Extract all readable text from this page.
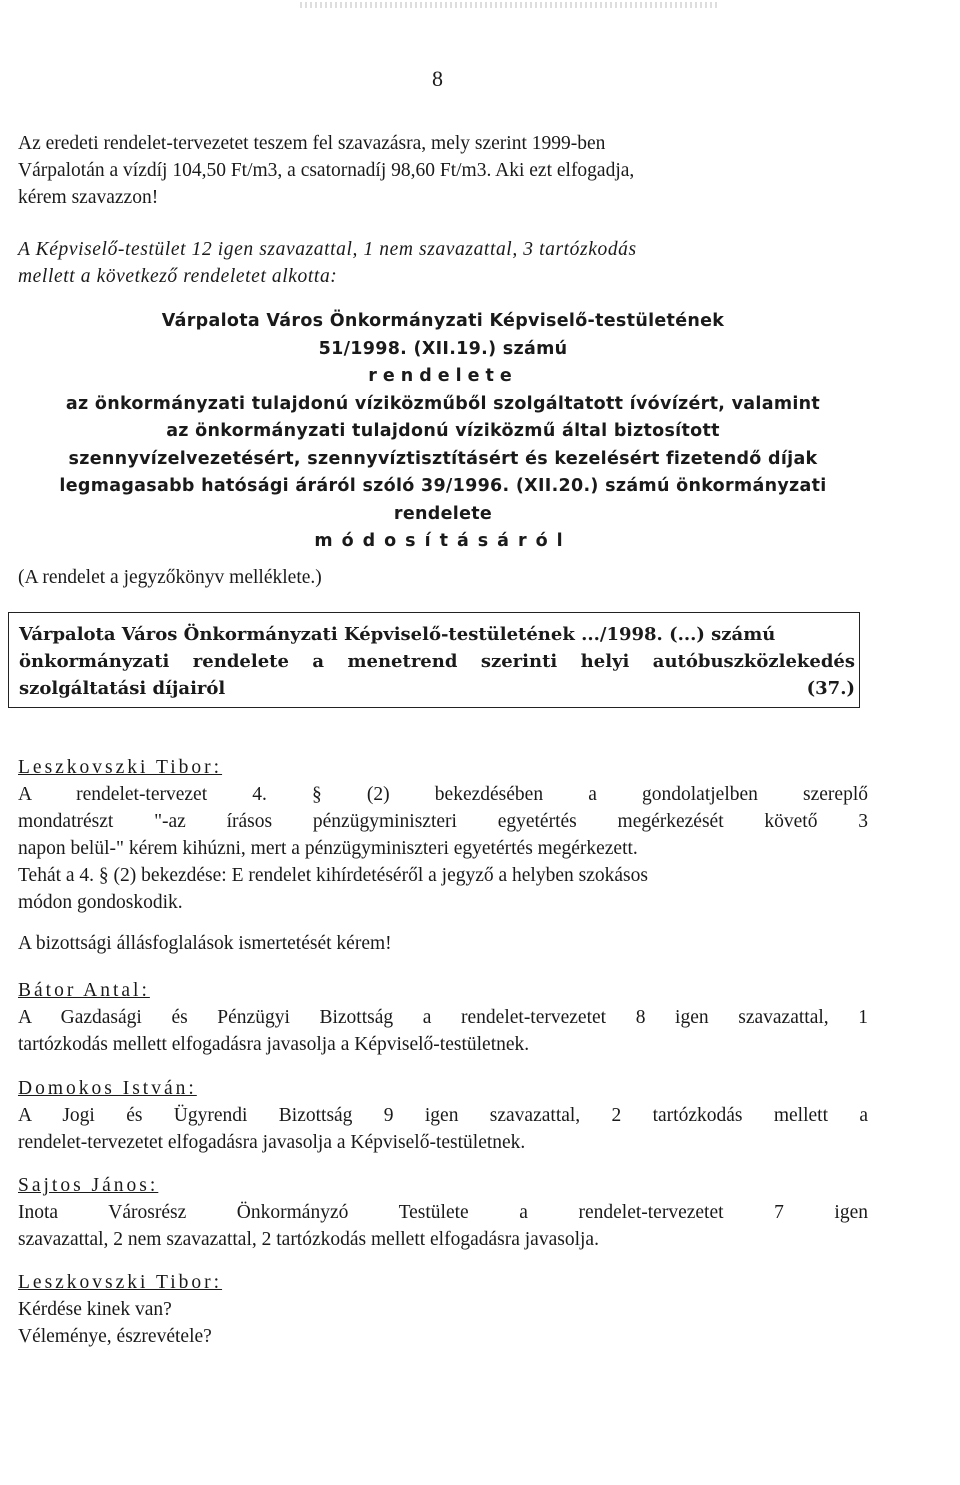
8

Az eredeti rendelet-tervezetet teszem fel szavazásra, mely szerint 1999-ben

Várpalotán a vízdíj 104,50 Ft/m3, a csatornadíj 98,60 Ft/m3. Aki ezt elfogadja,

kérem szavazzon!

A Képviselő-testület 12 igen szavazattal, 1 nem szavazattal, 3 tartózkodás

mellett a következő rendeletet alkotta:

Várpalota Város Önkormányzati Képviselő-testületének

51/1998. (XII.19.) számú

rendelete

az önkormányzati tulajdonú víziközműből szolgáltatott ívóvízért, valamint

az önkormányzati tulajdonú víziközmű által biztosított

szennyvízelvezetésért, szennyvíztisztításért és kezelésért fizetendő díjak

legmagasabb hatósági áráról szóló 39/1996. (XII.20.) számú önkormányzati

rendelete

módosításáról

(A rendelet a jegyzőkönyv melléklete.)

Várpalota Város Önkormányzati Képviselő-testületének .../1998. (...) számú

önkormányzati rendelete a menetrend szerinti helyi autóbuszközlekedés

szolgáltatási díjairól	(37.)
Leszkovszki Tibor:

A rendelet-tervezet 4. § (2) bekezdésében a gondolatjelben szereplő

mondatrészt "-az írásos pénzügyminiszteri egyetértés megérkezését követő 3

napon belül-" kérem kihúzni, mert a pénzügyminiszteri egyetértés megérkezett.

Tehát a 4. § (2) bekezdése: E rendelet kihírdetéséről a jegyző a helyben szokásos

módon gondoskodik.

A bizottsági állásfoglalások ismertetését kérem!
Bátor Antal:

A Gazdasági és Pénzügyi Bizottság a rendelet-tervezetet 8 igen szavazattal, 1

tartózkodás mellett elfogadásra javasolja a Képviselő-testületnek.

Domokos István:

A Jogi és Ügyrendi Bizottság 9 igen szavazattal, 2 tartózkodás mellett a

rendelet-tervezetet elfogadásra javasolja a Képviselő-testületnek.

Sajtos János:

Inota Városrész Önkormányzó Testülete a rendelet-tervezetet 7 igen

szavazattal, 2 nem szavazattal, 2 tartózkodás mellett elfogadásra javasolja.

Leszkovszki Tibor:

Kérdése kinek van?

Véleménye, észrevétele?
